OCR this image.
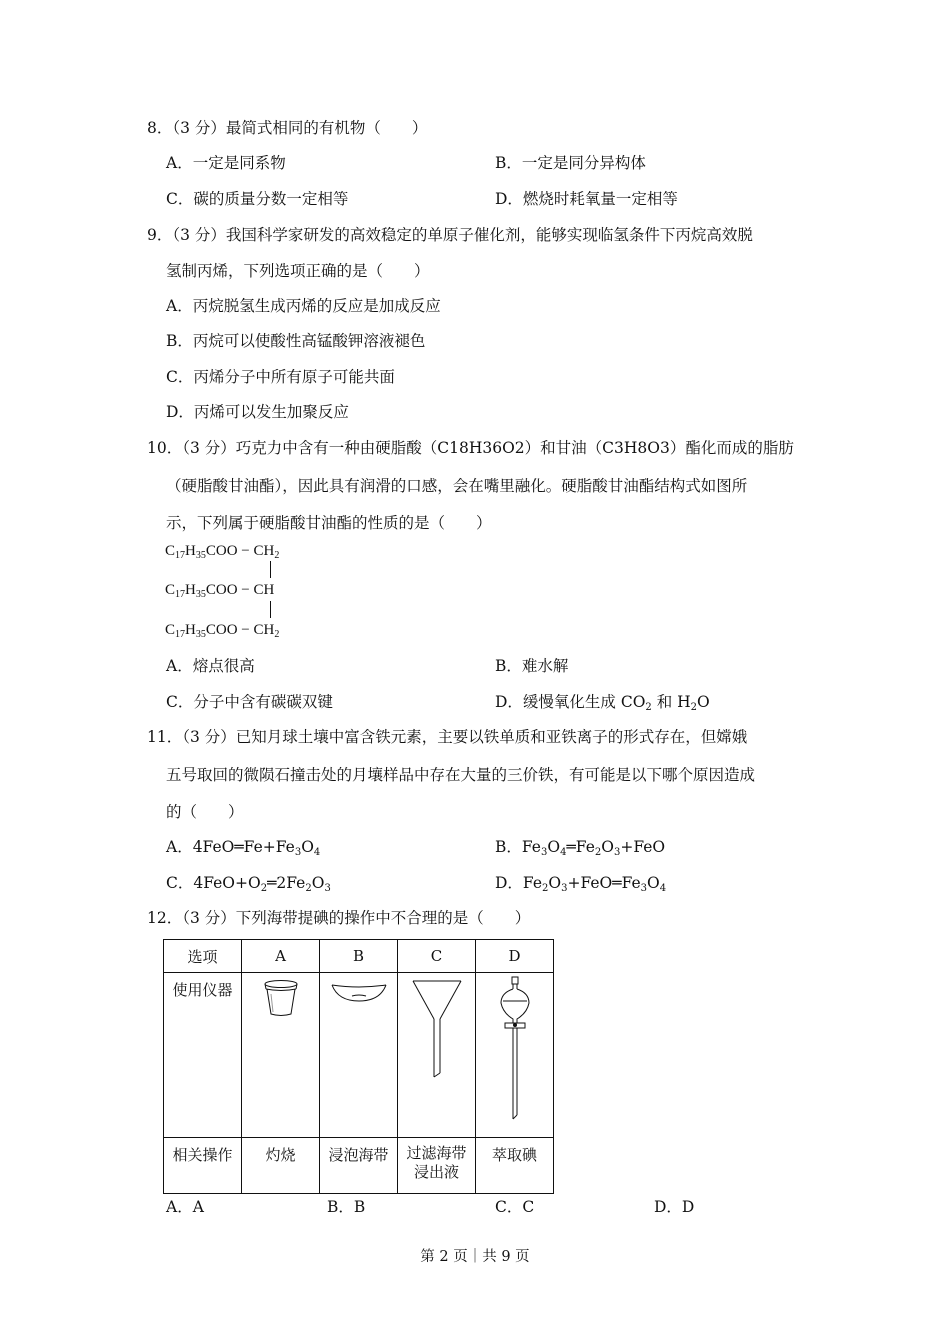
8．（3 分）最简式相同的有机物（　　）
A．一定是同系物	B．一定是同分异构体
C．碳的质量分数一定相等	D．燃烧时耗氧量一定相等
9．（3 分）我国科学家研发的高效稳定的单原子催化剂，能够实现临氢条件下丙烷高效脱
氢制丙烯，下列选项正确的是（　　）
A．丙烷脱氢生成丙烯的反应是加成反应
B．丙烷可以使酸性高锰酸钾溶液褪色
C．丙烯分子中所有原子可能共面
D．丙烯可以发生加聚反应
10．（3 分）巧克力中含有一种由硬脂酸（C18H36O2）和甘油（C3H8O3）酯化而成的脂肪
（硬脂酸甘油酯），因此具有润滑的口感，会在嘴里融化。硬脂酸甘油酯结构式如图所
示，下列属于硬脂酸甘油酯的性质的是（　　）
$C_{17}H_{35}COO - CH_2$
$C_{17}H_{35}COO$ − CH
$C_{17}H_{35}COO - CH_2$
A．熔点很高	B．难水解
C．分子中含有碳碳双键	D．缓慢氧化生成 $CO_2$ 和 $H_2O$
11．（3 分）已知月球土壤中富含铁元素，主要以铁单质和亚铁离子的形式存在，但嫦娥
五号取回的微陨石撞击处的月壤样品中存在大量的三价铁，有可能是以下哪个原因造成
的（　　）
A．$4FeO═Fe+Fe_3O_4$	B．$Fe_3O_4═Fe_2O_3+FeO$
C．$4FeO+O_2═2Fe_2O_3$	D．$Fe_2O_3+FeO═Fe_3O_4$
12．（3 分）下列海带提碘的操作中不合理的是（　　）
选项	A	B	C	D
使用仪器				
相关操作	灼烧	浸泡海带	过滤海带浸出液	萃取碘
A．A	B．B	C．C	D．D
第 2 页｜共 9 页
